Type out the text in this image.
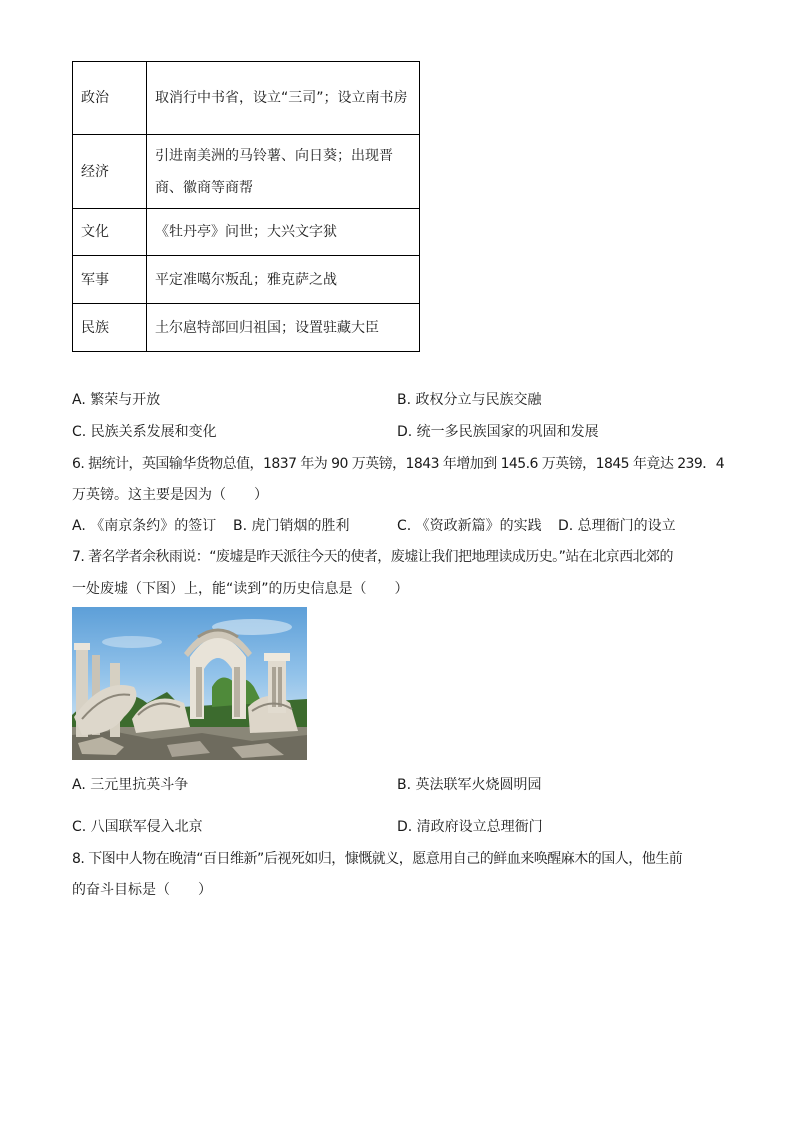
政治	取消行中书省，设立“三司”；设立南书房
经济	引进南美洲的马铃薯、向日葵；出现晋商、徽商等商帮
文化	《牡丹亭》问世；大兴文字狱
军事	平定准噶尔叛乱；雅克萨之战
民族	土尔扈特部回归祖国；设置驻藏大臣
A. 繁荣与开放	B. 政权分立与民族交融
C. 民族关系发展和变化	D. 统一多民族国家的巩固和发展
6. 据统计，英国输华货物总值，1837 年为 90 万英镑，1843 年增加到 145.6 万英镑，1845 年竟达 239．4
万英镑。这主要是因为（　　）
A. 《南京条约》的签订 B. 虎门销烟的胜利	C. 《资政新篇》的实践 D. 总理衙门的设立
7. 著名学者余秋雨说：“废墟是昨天派往今天的使者，废墟让我们把地理读成历史。”站在北京西北郊的
一处废墟（下图）上，能“读到”的历史信息是（　　）
A. 三元里抗英斗争	B. 英法联军火烧圆明园
C. 八国联军侵入北京	D. 清政府设立总理衙门
8. 下图中人物在晚清“百日维新”后视死如归，慷慨就义，愿意用自己的鲜血来唤醒麻木的国人，他生前
的奋斗目标是（　　）
